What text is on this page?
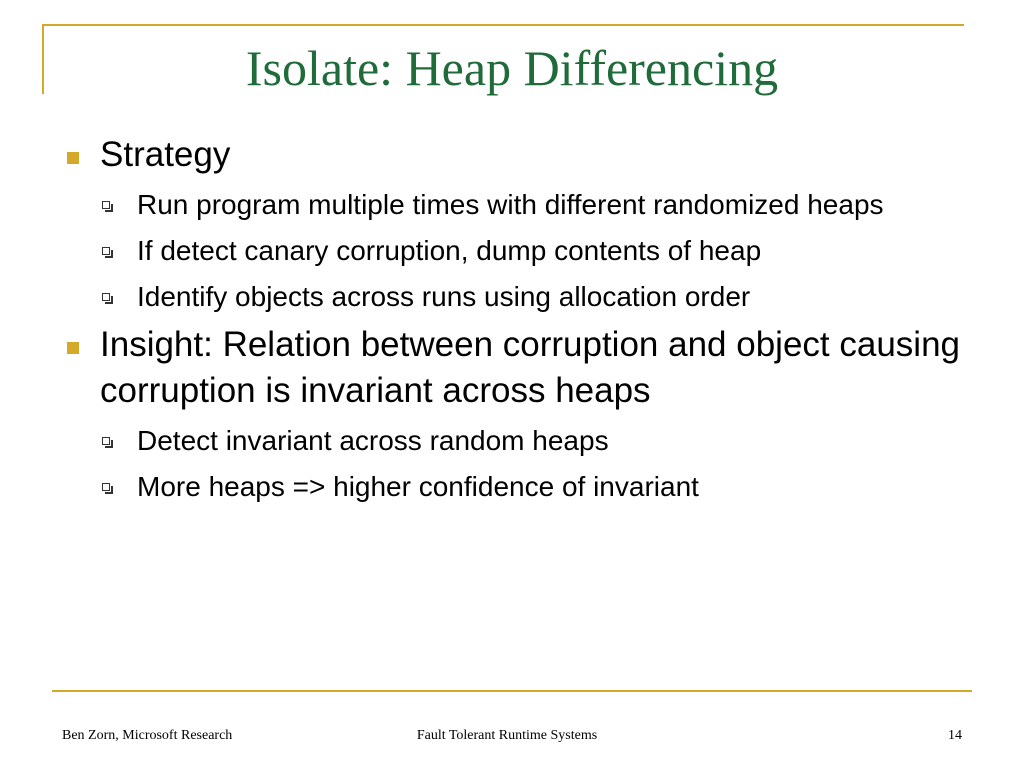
Isolate: Heap Differencing
Strategy
Run program multiple times with different randomized heaps
If detect canary corruption, dump contents of heap
Identify objects across runs using allocation order
Insight: Relation between corruption and object causing corruption is invariant across heaps
Detect invariant across random heaps
More heaps => higher confidence of invariant
Ben Zorn, Microsoft Research	Fault Tolerant Runtime Systems	14
